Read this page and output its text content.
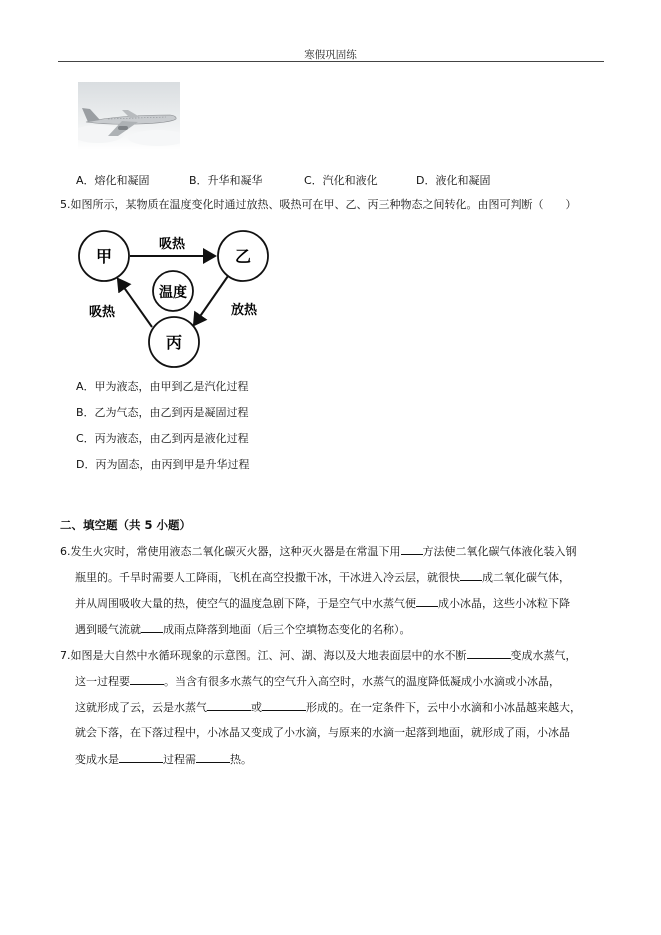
寒假巩固练
A．熔化和凝固	B．升华和凝华	C．汽化和液化	D．液化和凝固
5.如图所示，某物质在温度变化时通过放热、吸热可在甲、乙、丙三种物态之间转化。由图可判断（　　）
甲	乙
丙
温度
吸热
放热
吸热
A．甲为液态，由甲到乙是汽化过程
B．乙为气态，由乙到丙是凝固过程
C．丙为液态，由乙到丙是液化过程
D．丙为固态，由丙到甲是升华过程
二、填空题（共 5 小题）
6.发生火灾时，常使用液态二氧化碳灭火器，这种灭火器是在常温下用 方法使二氧化碳气体液化装入钢
瓶里的。千旱时需要人工降雨，飞机在高空投撒干冰，干冰进入冷云层，就很快 成二氧化碳气体，
并从周围吸收大量的热，使空气的温度急剧下降，于是空气中水蒸气便 成小冰晶，这些小冰粒下降
遇到暖气流就 成雨点降落到地面（后三个空填物态变化的名称）。
7.如图是大自然中水循环现象的示意图。江、河、湖、海以及大地表面层中的水不断	变成水蒸气，
这一过程要	。当含有很多水蒸气的空气升入高空时，水蒸气的温度降低凝成小水滴或小冰晶，
这就形成了云，云是水蒸气	或	形成的。在一定条件下，云中小水滴和小冰晶越来越大，
就会下落，在下落过程中，小冰晶又变成了小水滴，与原来的水滴一起落到地面，就形成了雨，小冰晶
变成水是	过程需	热。
